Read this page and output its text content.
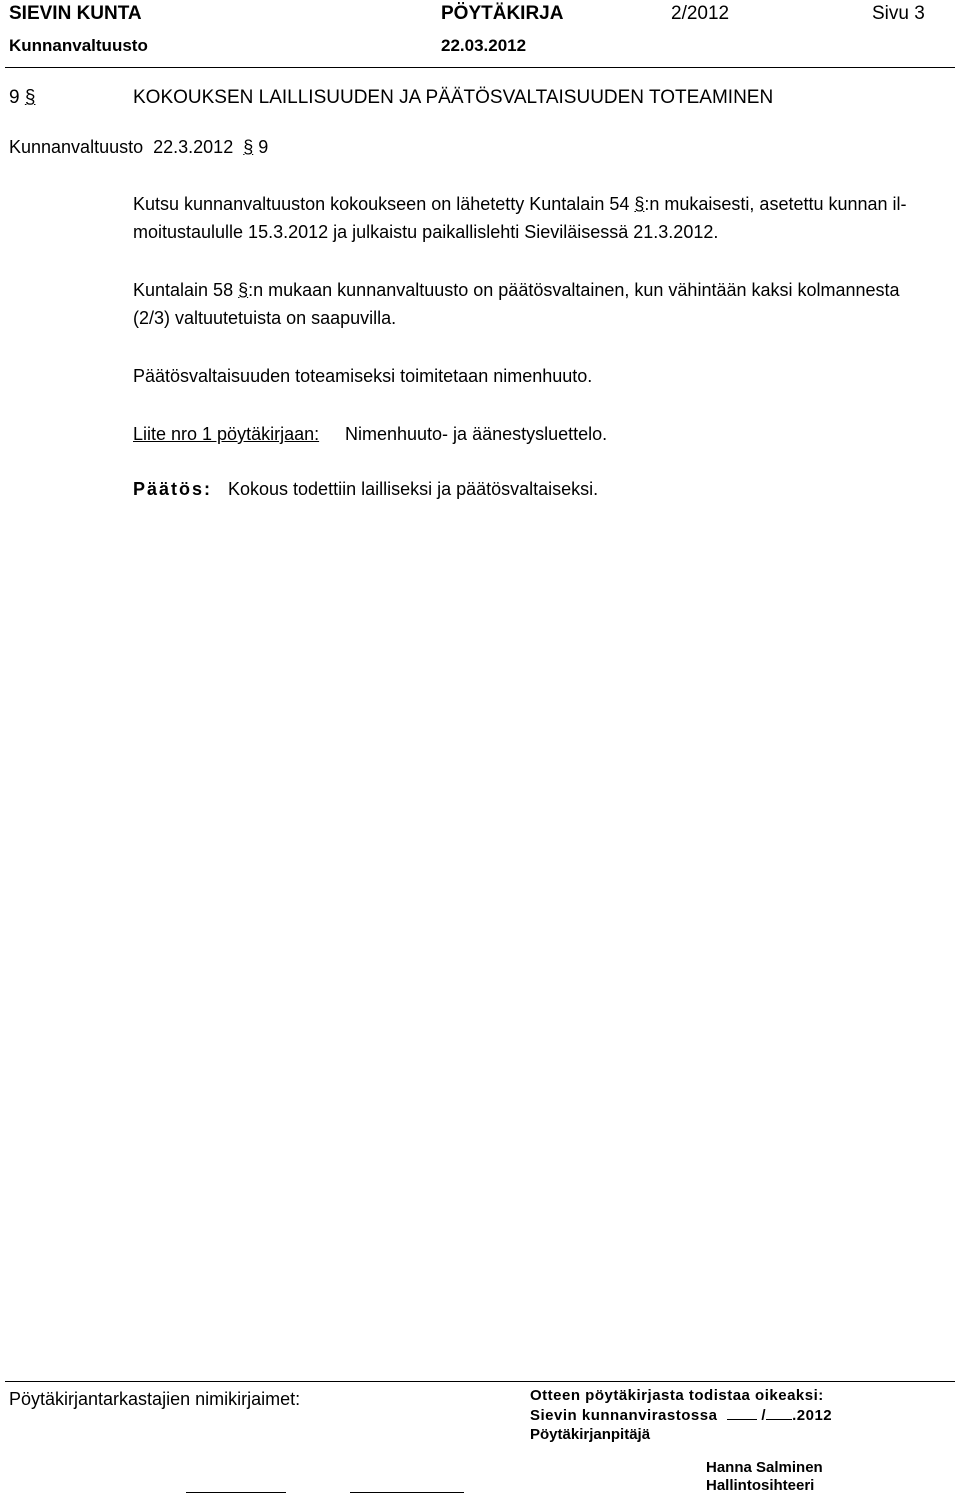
SIEVIN KUNTA	PÖYTÄKIRJA	2/2012	Sivu 3
Kunnanvaltuusto	22.03.2012
9 §	KOKOUKSEN LAILLISUUDEN JA PÄÄTÖSVALTAISUUDEN TOTEAMINEN
Kunnanvaltuusto 22.3.2012 § 9
Kutsu kunnanvaltuuston kokoukseen on lähetetty Kuntalain 54 §:n mukaisesti, asetettu kunnan il-
moitustaululle 15.3.2012 ja julkaistu paikallislehti Sieviläisessä 21.3.2012.
Kuntalain 58 §:n mukaan kunnanvaltuusto on päätösvaltainen, kun vähintään kaksi kolmannesta
(2/3) valtuutetuista on saapuvilla.
Päätösvaltaisuuden toteamiseksi toimitetaan nimenhuuto.
Liite nro 1 pöytäkirjaan: Nimenhuuto- ja äänestysluettelo.
Päätös: Kokous todettiin lailliseksi ja päätösvaltaiseksi.
Pöytäkirjantarkastajien nimikirjaimet:	Otteen pöytäkirjasta todistaa oikeaksi:
Sievin kunnanvirastossa	/ .2012
Pöytäkirjanpitäjä
Hanna Salminen
Hallintosihteeri
